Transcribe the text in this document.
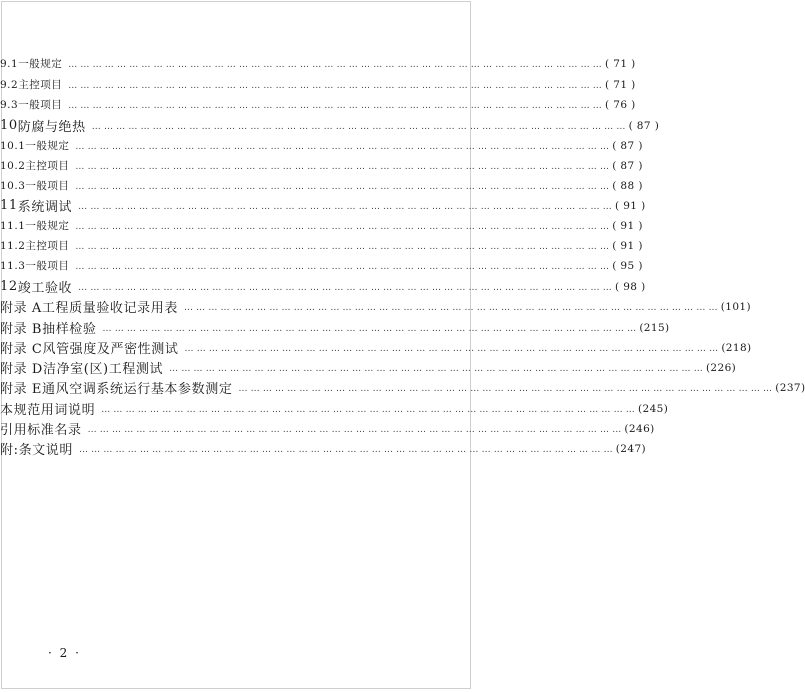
9.1 一般规定 …………………………………………………………………………………………………………………… ( 71 )
9.2 主控项目 …………………………………………………………………………………………………………………… ( 71 )
9.3 一般项目 …………………………………………………………………………………………………………………… ( 76 )
10 防腐与绝热 …………………………………………………………………………………………………………………… ( 87 )
10.1 一般规定 …………………………………………………………………………………………………………………… ( 87 )
10.2 主控项目 …………………………………………………………………………………………………………………… ( 87 )
10.3 一般项目 …………………………………………………………………………………………………………………… ( 88 )
11 系统调试 …………………………………………………………………………………………………………………… ( 91 )
11.1 一般规定 …………………………………………………………………………………………………………………… ( 91 )
11.2 主控项目 …………………………………………………………………………………………………………………… ( 91 )
11.3 一般项目 …………………………………………………………………………………………………………………… ( 95 )
12 竣工验收 …………………………………………………………………………………………………………………… ( 98 )
附录 A 工程质量验收记录用表 …………………………………………………………………………………………………………………… (101)
附录 B 抽样检验 …………………………………………………………………………………………………………………… (215)
附录 C 风管强度及严密性测试 …………………………………………………………………………………………………………………… (218)
附录 D 洁净室(区)工程测试 …………………………………………………………………………………………………………………… (226)
附录 E 通风空调系统运行基本参数测定 …………………………………………………………………………………………………………………… (237)
本规范用词说明 …………………………………………………………………………………………………………………… (245)
引用标准名录 …………………………………………………………………………………………………………………… (246)
附:条文说明 …………………………………………………………………………………………………………………… (247)
· 2 ·
